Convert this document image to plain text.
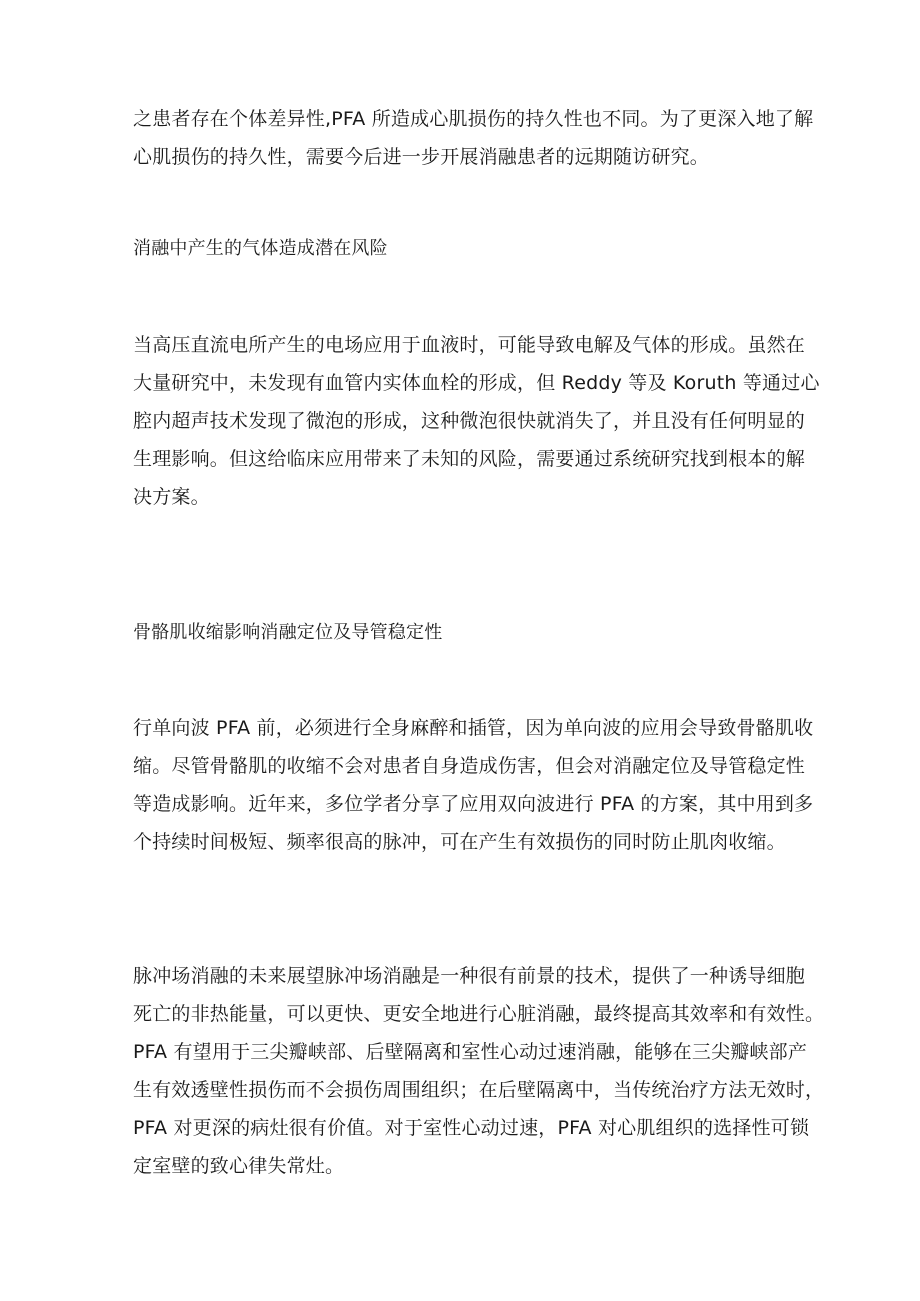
之患者存在个体差异性,PFA 所造成心肌损伤的持久性也不同。为了更深入地了解
心肌损伤的持久性，需要今后进一步开展消融患者的远期随访研究。

消融中产生的气体造成潜在风险

当高压直流电所产生的电场应用于血液时，可能导致电解及气体的形成。虽然在
大量研究中，未发现有血管内实体血栓的形成，但 Reddy 等及 Koruth 等通过心
腔内超声技术发现了微泡的形成，这种微泡很快就消失了，并且没有任何明显的
生理影响。但这给临床应用带来了未知的风险，需要通过系统研究找到根本的解
决方案。

骨骼肌收缩影响消融定位及导管稳定性

行单向波 PFA 前，必须进行全身麻醉和插管，因为单向波的应用会导致骨骼肌收
缩。尽管骨骼肌的收缩不会对患者自身造成伤害，但会对消融定位及导管稳定性
等造成影响。近年来，多位学者分享了应用双向波进行 PFA 的方案，其中用到多
个持续时间极短、频率很高的脉冲，可在产生有效损伤的同时防止肌肉收缩。

脉冲场消融的未来展望脉冲场消融是一种很有前景的技术，提供了一种诱导细胞
死亡的非热能量，可以更快、更安全地进行心脏消融，最终提高其效率和有效性。
PFA 有望用于三尖瓣峡部、后壁隔离和室性心动过速消融，能够在三尖瓣峡部产
生有效透壁性损伤而不会损伤周围组织；在后壁隔离中，当传统治疗方法无效时，
PFA 对更深的病灶很有价值。对于室性心动过速，PFA 对心肌组织的选择性可锁
定室壁的致心律失常灶。
